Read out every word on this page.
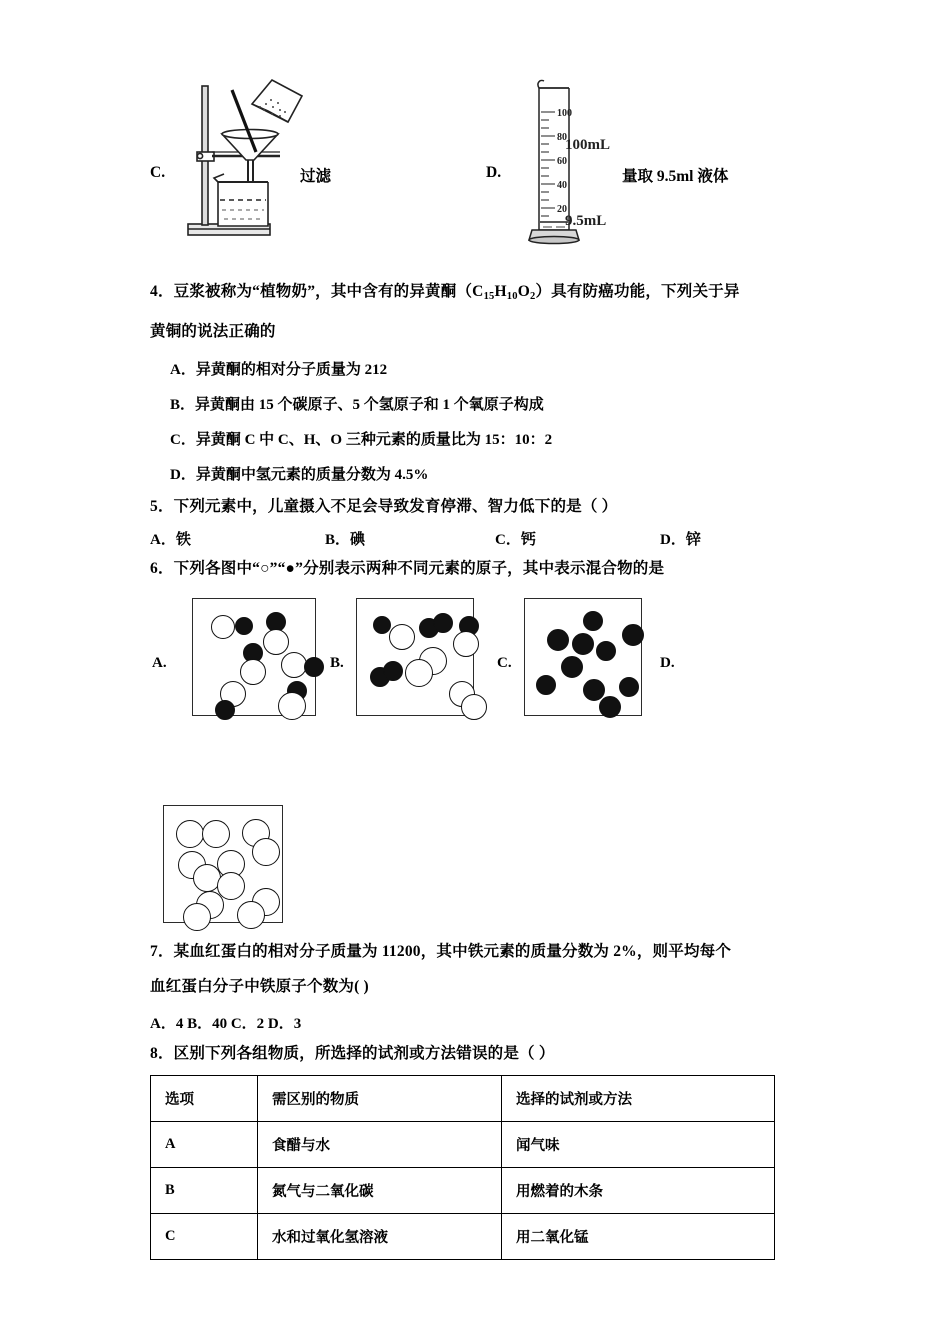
C.	过滤	D.
100
80
60
40
20
100mL
9.5mL
量取 9.5ml 液体
4．豆浆被称为“植物奶”，其中含有的异黄酮$(C_{15}H_{10}O_2)$具有防癌功能，下列关于异
黄铜的说法正确的
A．异黄酮的相对分子质量为 212
B．异黄酮由 15 个碳原子、5 个氢原子和 1 个氧原子构成
C．异黄酮 C 中 C、H、O 三种元素的质量比为 15：10：2
D．异黄酮中氢元素的质量分数为 4.5%
5．下列元素中，儿童摄入不足会导致发育停滞、智力低下的是（ ）
A．铁	B．碘	C．钙	D．锌
6．下列各图中“○”“●”分别表示两种不同元素的原子，其中表示混合物的是
A.	B.	C.	D.
7．某血红蛋白的相对分子质量为 11200，其中铁元素的质量分数为 2%，则平均每个
血红蛋白分子中铁原子个数为( )
A．4 B．40 C．2 D．3
8．区别下列各组物质，所选择的试剂或方法错误的是（ ）
选项	需区别的物质	选择的试剂或方法
A	食醋与水	闻气味
B	氮气与二氧化碳	用燃着的木条
C	水和过氧化氢溶液	用二氧化锰
